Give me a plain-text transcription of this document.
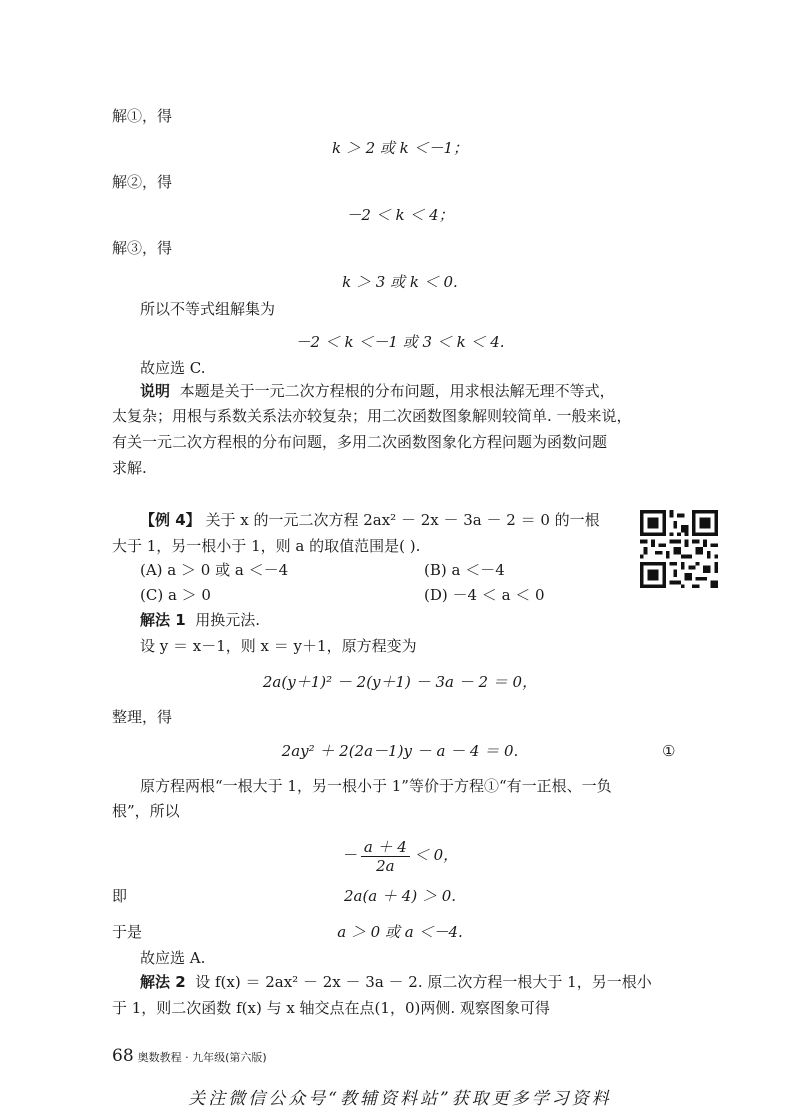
解①，得
k ＞ 2 或 k ＜－1；
解②，得
－2 ＜ k ＜ 4；
解③，得
k ＞ 3 或 k ＜ 0.
所以不等式组解集为
－2 ＜ k ＜－1 或 3 ＜ k ＜ 4.
故应选 C.
说明 本题是关于一元二次方程根的分布问题，用求根法解无理不等式，
太复杂；用根与系数关系法亦较复杂；用二次函数图象解则较简单. 一般来说，
有关一元二次方程根的分布问题，多用二次函数图象化方程问题为函数问题
求解.
【例 4】 关于 x 的一元二次方程 2ax² － 2x － 3a － 2 ＝ 0 的一根
大于 1，另一根小于 1，则 a 的取值范围是( ).
(A) a ＞ 0 或 a ＜－4	(B) a ＜－4
(C) a ＞ 0	(D) －4 ＜ a ＜ 0
解法 1 用换元法.
设 y ＝ x－1，则 x ＝ y＋1，原方程变为
2a(y＋1)² － 2(y＋1) － 3a － 2 ＝ 0，
整理，得
2ay² ＋ 2(2a－1)y － a － 4 ＝ 0.	①
原方程两根“一根大于 1，另一根小于 1”等价于方程①“有一正根、一负
根”，所以
－ $\frac{a + 4}{2a} < 0$，
即	2a(a ＋ 4) ＞ 0.
于是	a ＞ 0 或 a ＜－4.
故应选 A.
解法 2 设 f(x) ＝ 2ax² － 2x － 3a － 2. 原二次方程一根大于 1，另一根小
于 1，则二次函数 f(x) 与 x 轴交点在点(1，0)两侧. 观察图象可得
68 奥数教程 · 九年级(第六版)
关注微信公众号“教辅资料站”获取更多学习资料
